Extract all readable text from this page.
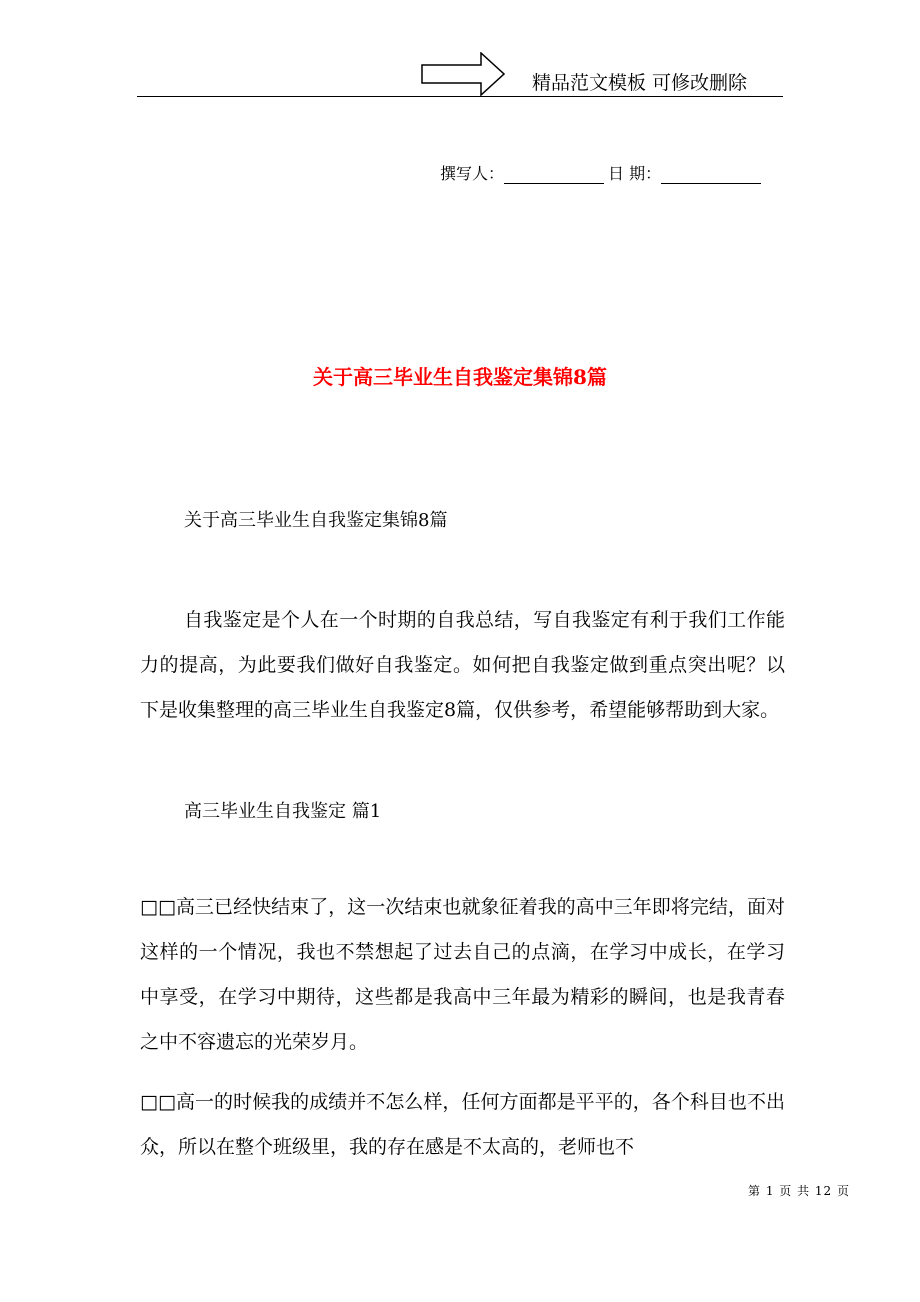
精品范文模板 可修改删除
撰写人：	日 期：
关于高三毕业生自我鉴定集锦8篇
关于高三毕业生自我鉴定集锦8篇
自我鉴定是个人在一个时期的自我总结，写自我鉴定有利于我们工作能力的提高，为此要我们做好自我鉴定。如何把自我鉴定做到重点突出呢？以下是收集整理的高三毕业生自我鉴定8篇，仅供参考，希望能够帮助到大家。
高三毕业生自我鉴定 篇1
□□高三已经快结束了，这一次结束也就象征着我的高中三年即将完结，面对这样的一个情况，我也不禁想起了过去自己的点滴，在学习中成长，在学习中享受，在学习中期待，这些都是我高中三年最为精彩的瞬间，也是我青春之中不容遗忘的光荣岁月。
□□高一的时候我的成绩并不怎么样，任何方面都是平平的，各个科目也不出众，所以在整个班级里，我的存在感是不太高的，老师也不
第 1 页 共 12 页
